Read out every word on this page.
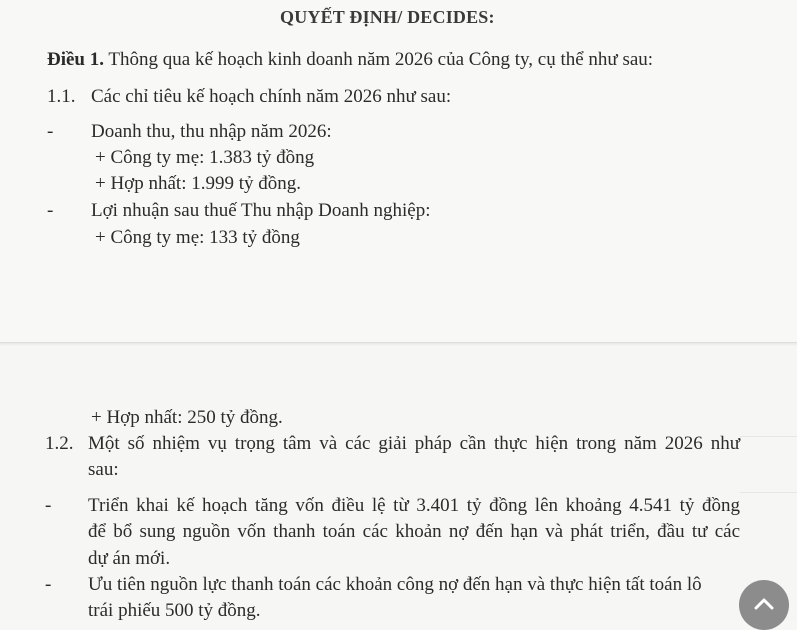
QUYẾT ĐỊNH/ DECIDES:
Điều 1. Thông qua kế hoạch kinh doanh năm 2026 của Công ty, cụ thể như sau:
1.1. Các chỉ tiêu kế hoạch chính năm 2026 như sau:
- Doanh thu, thu nhập năm 2026:
+ Công ty mẹ: 1.383 tỷ đồng
+ Hợp nhất: 1.999 tỷ đồng.
- Lợi nhuận sau thuế Thu nhập Doanh nghiệp:
+ Công ty mẹ: 133 tỷ đồng
+ Hợp nhất: 250 tỷ đồng.
1.2. Một số nhiệm vụ trọng tâm và các giải pháp cần thực hiện trong năm 2026 như
sau:
- Triển khai kế hoạch tăng vốn điều lệ từ 3.401 tỷ đồng lên khoảng 4.541 tỷ đồng
để bổ sung nguồn vốn thanh toán các khoản nợ đến hạn và phát triển, đầu tư các
dự án mới.
- Ưu tiên nguồn lực thanh toán các khoản công nợ đến hạn và thực hiện tất toán lô
trái phiếu 500 tỷ đồng.
